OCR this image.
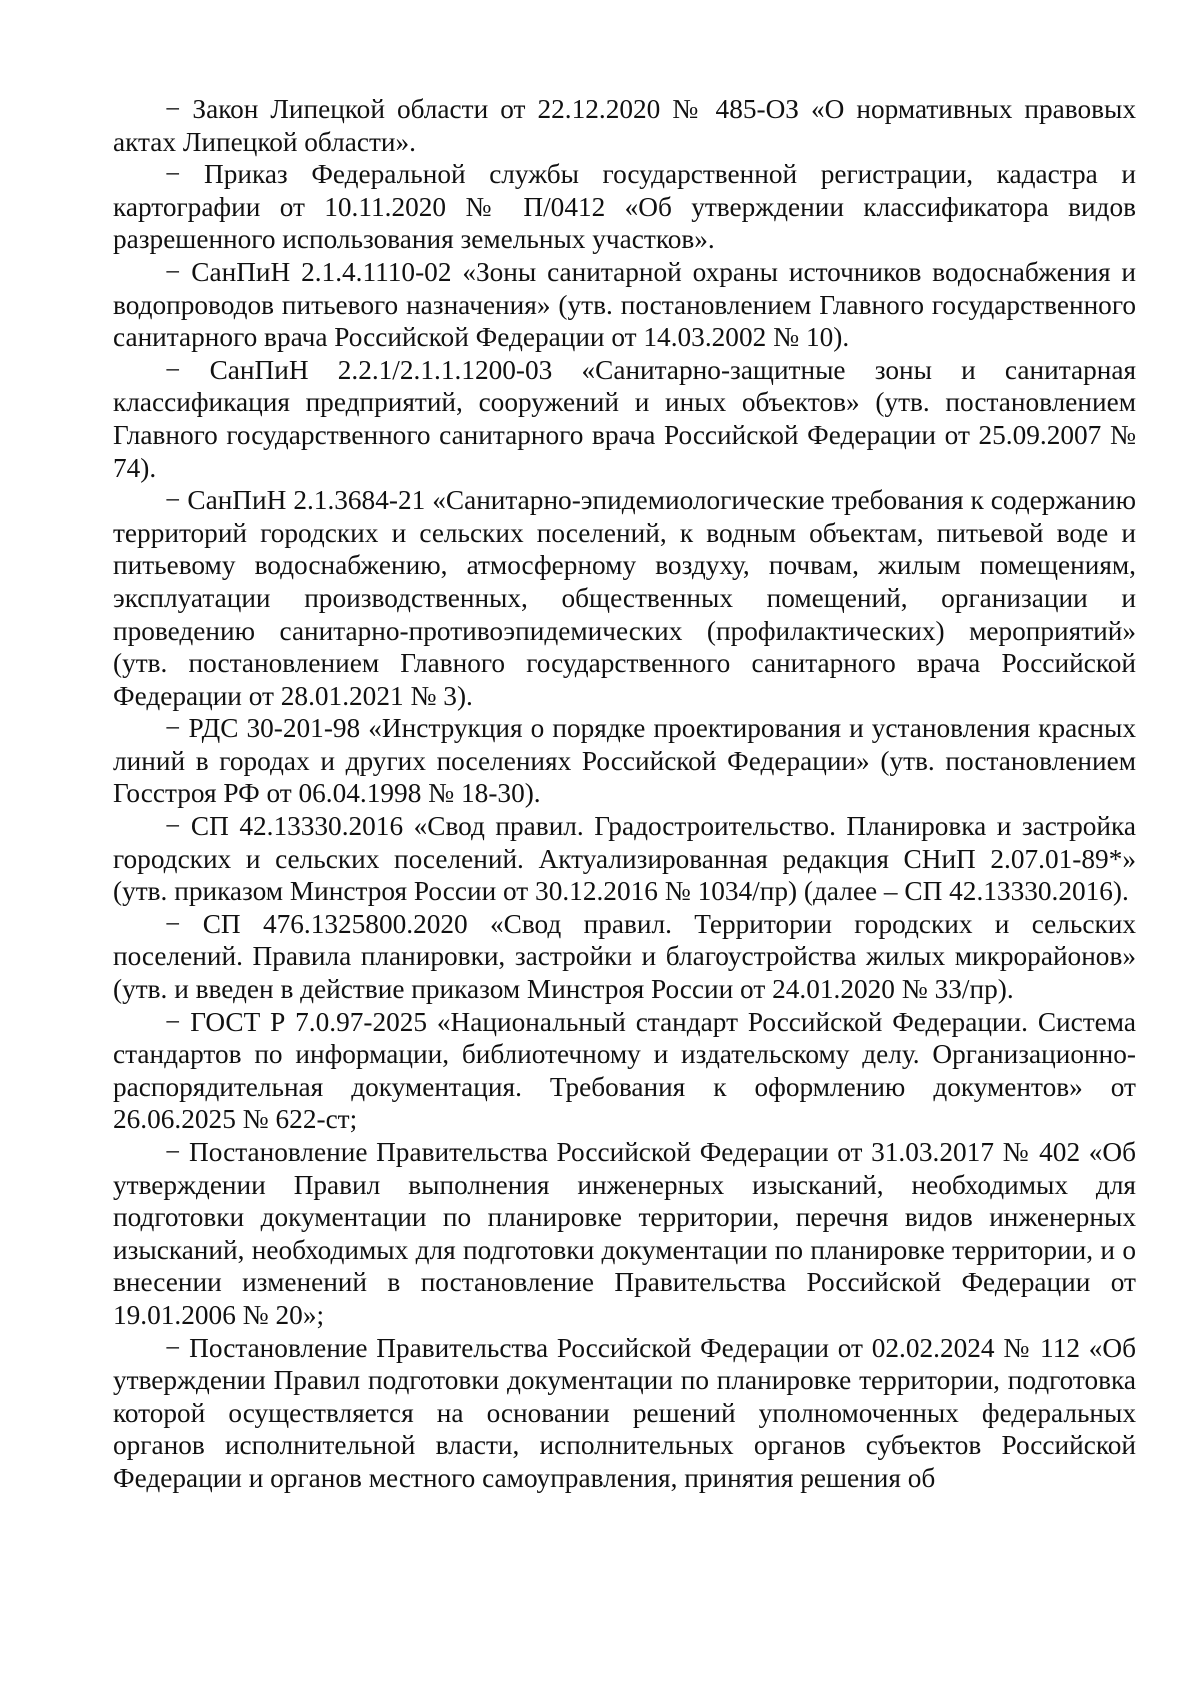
− Закон Липецкой области от 22.12.2020 № 485-ОЗ «О нормативных правовых актах Липецкой области».

− Приказ Федеральной службы государственной регистрации, кадастра и картографии от 10.11.2020 № П/0412 «Об утверждении классификатора видов разрешенного использования земельных участков».

− СанПиН 2.1.4.1110-02 «Зоны санитарной охраны источников водоснабжения и водопроводов питьевого назначения» (утв. постановлением Главного государственного санитарного врача Российской Федерации от 14.03.2002 № 10).

− СанПиН 2.2.1/2.1.1.1200-03 «Санитарно-защитные зоны и санитарная классификация предприятий, сооружений и иных объектов» (утв. постановлением Главного государственного санитарного врача Российской Федерации от 25.09.2007 № 74).

− СанПиН 2.1.3684-21 «Санитарно-эпидемиологические требования к содержанию территорий городских и сельских поселений, к водным объектам, питьевой воде и питьевому водоснабжению, атмосферному воздуху, почвам, жилым помещениям, эксплуатации производственных, общественных помещений, организации и проведению санитарно-противоэпидемических (профилактических) мероприятий» (утв. постановлением Главного государственного санитарного врача Российской Федерации от 28.01.2021 № 3).

− РДС 30-201-98 «Инструкция о порядке проектирования и установления красных линий в городах и других поселениях Российской Федерации» (утв. постановлением Госстроя РФ от 06.04.1998 № 18-30).

− СП 42.13330.2016 «Свод правил. Градостроительство. Планировка и застройка городских и сельских поселений. Актуализированная редакция СНиП 2.07.01-89*» (утв. приказом Минстроя России от 30.12.2016 № 1034/пр) (далее – СП 42.13330.2016).

− СП 476.1325800.2020 «Свод правил. Территории городских и сельских поселений. Правила планировки, застройки и благоустройства жилых микрорайонов» (утв. и введен в действие приказом Минстроя России от 24.01.2020 № 33/пр).

− ГОСТ Р 7.0.97-2025 «Национальный стандарт Российской Федерации. Система стандартов по информации, библиотечному и издательскому делу. Организационно-распорядительная документация. Требования к оформлению документов» от 26.06.2025 № 622-ст;

− Постановление Правительства Российской Федерации от 31.03.2017 № 402 «Об утверждении Правил выполнения инженерных изысканий, необходимых для подготовки документации по планировке территории, перечня видов инженерных изысканий, необходимых для подготовки документации по планировке территории, и о внесении изменений в постановление Правительства Российской Федерации от 19.01.2006 № 20»;

− Постановление Правительства Российской Федерации от 02.02.2024 № 112 «Об утверждении Правил подготовки документации по планировке территории, подготовка которой осуществляется на основании решений уполномоченных федеральных органов исполнительной власти, исполнительных органов субъектов Российской Федерации и органов местного самоуправления, принятия решения об
